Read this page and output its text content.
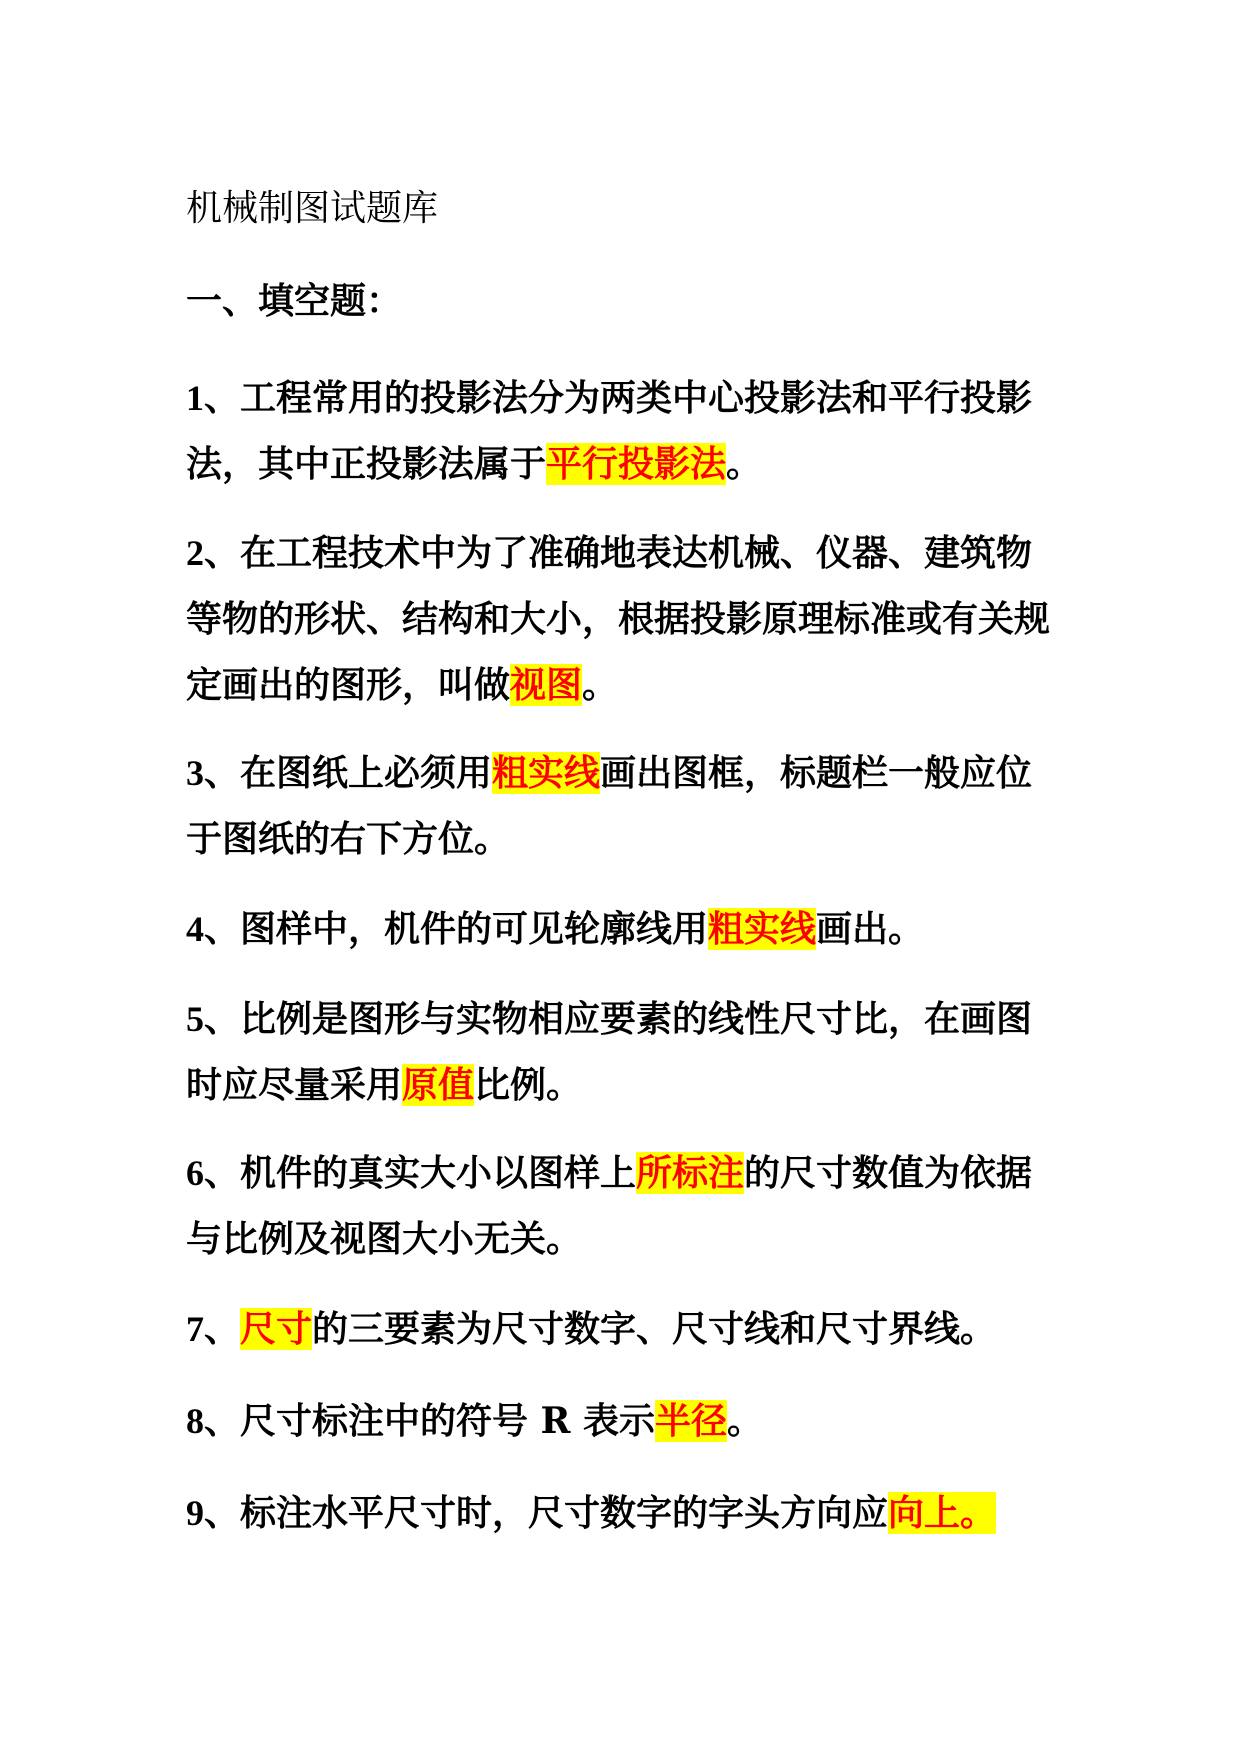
机械制图试题库
一、填空题：

1、工程常用的投影法分为两类中心投影法和平行投影法，其中正投影法属于平行投影法。

2、在工程技术中为了准确地表达机械、仪器、建筑物等物的形状、结构和大小，根据投影原理标准或有关规定画出的图形，叫做视图。

3、在图纸上必须用粗实线画出图框，标题栏一般应位于图纸的右下方位。

4、图样中，机件的可见轮廓线用粗实线画出。

5、比例是图形与实物相应要素的线性尺寸比，在画图时应尽量采用原值比例。

6、机件的真实大小以图样上所标注的尺寸数值为依据与比例及视图大小无关。

7、尺寸的三要素为尺寸数字、尺寸线和尺寸界线。

8、尺寸标注中的符号 R 表示半径。

9、标注水平尺寸时，尺寸数字的字头方向应向上。
